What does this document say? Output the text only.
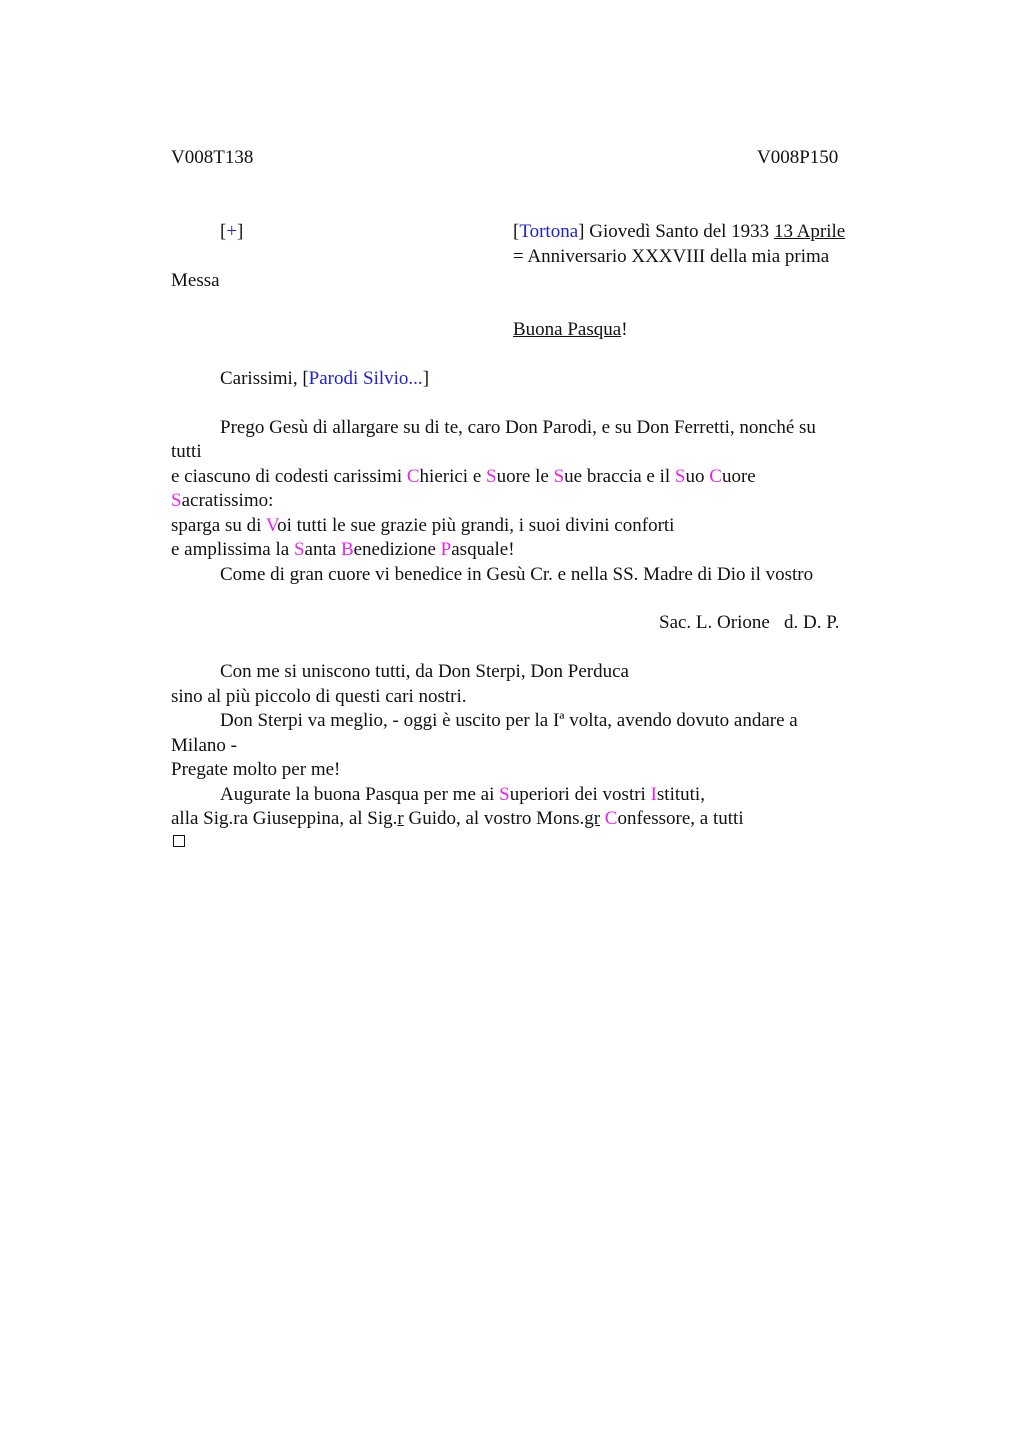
V008T138	V008P150
[+]	[Tortona] Giovedì Santo del 1933 13 Aprile
= Anniversario XXXVIII della mia prima
Messa
Buona Pasqua!
Carissimi, [Parodi Silvio...]
Prego Gesù di allargare su di te, caro Don Parodi, e su Don Ferretti, nonché su
tutti
e ciascuno di codesti carissimi Chierici e Suore le Sue braccia e il Suo Cuore
Sacratissimo:
sparga su di Voi tutti le sue grazie più grandi, i suoi divini conforti
e amplissima la Santa Benedizione Pasquale!
Come di gran cuore vi benedice in Gesù Cr. e nella SS. Madre di Dio il vostro
Sac. L. Orione   d. D. P.
Con me si uniscono tutti, da Don Sterpi, Don Perduca
sino al più piccolo di questi cari nostri.
Don Sterpi va meglio, - oggi è uscito per la Iª volta, avendo dovuto andare a
Milano -
Pregate molto per me!
Augurate la buona Pasqua per me ai Superiori dei vostri Istituti,
alla Sig.ra Giuseppina, al Sig.r Guido, al vostro Mons.gr Confessore, a tutti
